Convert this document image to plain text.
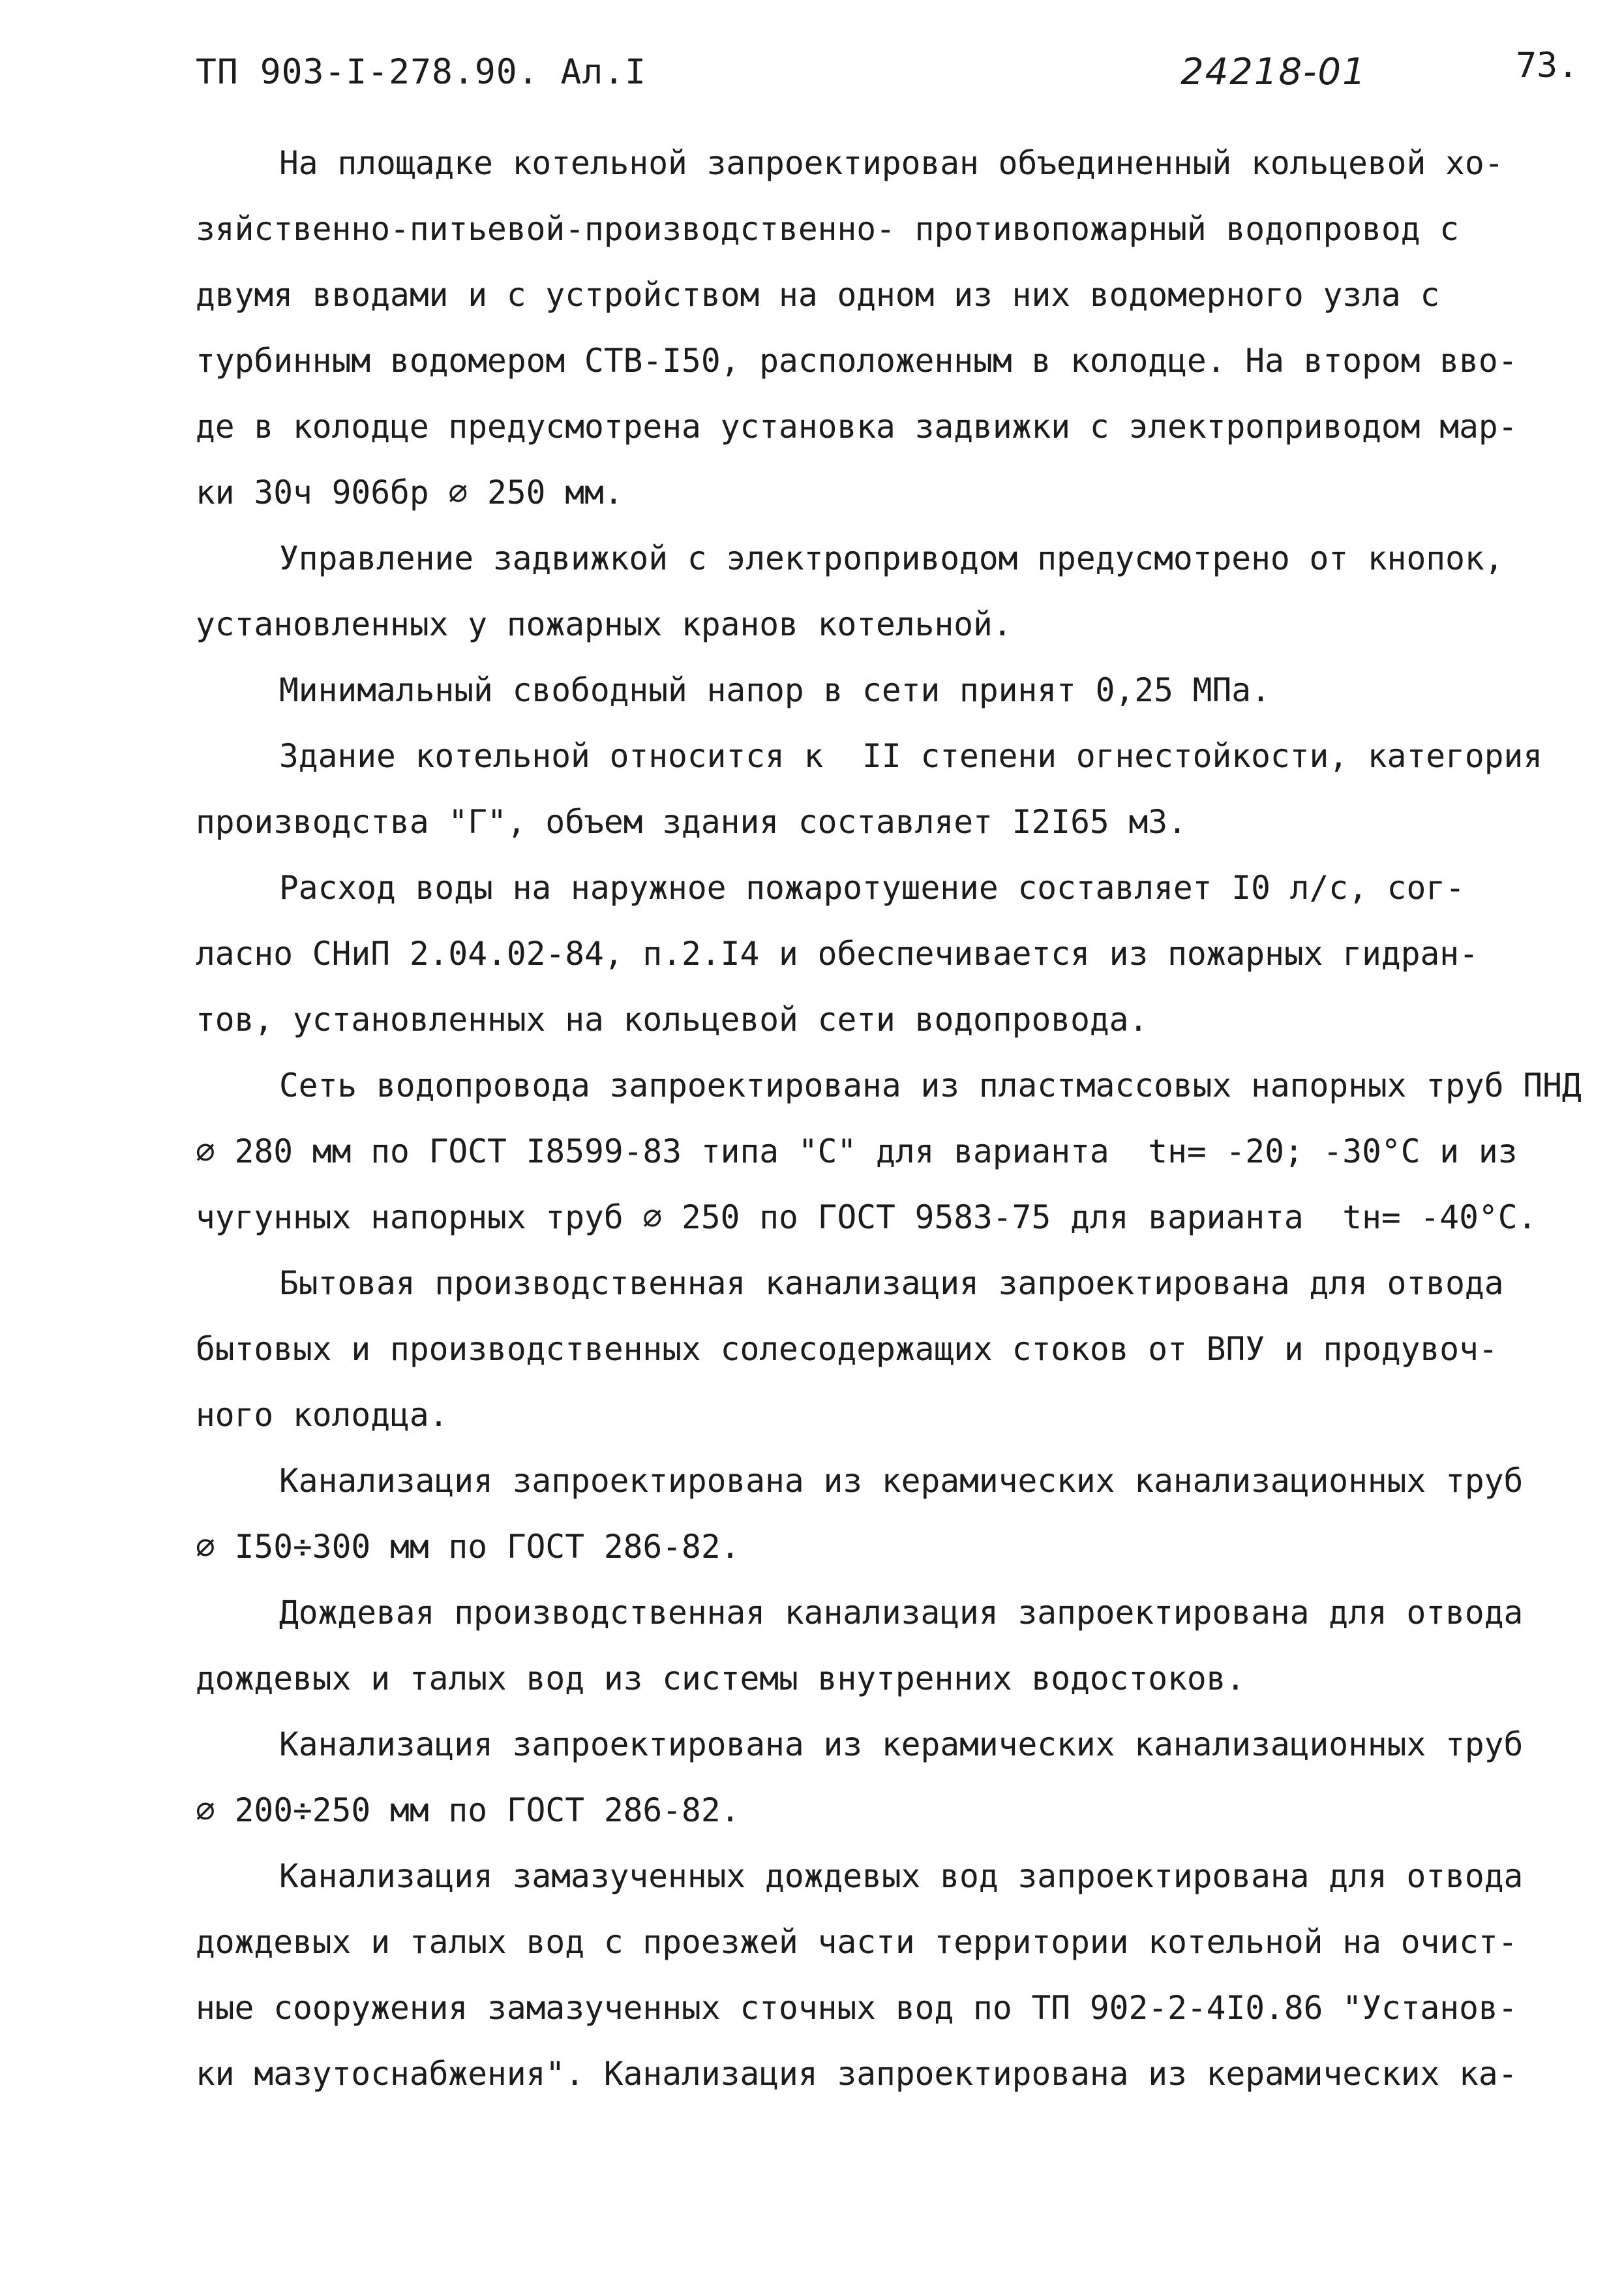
ТП 903-I-278.90. Ал.I	24218-01	73.
На площадке котельной запроектирован объединенный кольцевой хо-
зяйственно-питьевой-производственно- противопожарный водопровод с
двумя вводами и с устройством на одном из них водомерного узла с
турбинным водомером СТВ-I50, расположенным в колодце. На втором вво-
де в колодце предусмотрена установка задвижки с электроприводом мар-
ки 30ч 906бр ∅ 250 мм.
Управление задвижкой с электроприводом предусмотрено от кнопок,
установленных у пожарных кранов котельной.
Минимальный свободный напор в сети принят 0,25 МПа.
Здание котельной относится к  II степени огнестойкости, категория
производства "Г", объем здания составляет I2I65 м3.
Расход воды на наружное пожаротушение составляет I0 л/с, сог-
ласно СНиП 2.04.02-84, п.2.I4 и обеспечивается из пожарных гидран-
тов, установленных на кольцевой сети водопровода.
Сеть водопровода запроектирована из пластмассовых напорных труб ПНД
∅ 280 мм по ГОСТ I8599-83 типа "С" для варианта  tн= -20; -30°С и из
чугунных напорных труб ∅ 250 по ГОСТ 9583-75 для варианта  tн= -40°С.
Бытовая производственная канализация запроектирована для отвода
бытовых и производственных солесодержащих стоков от ВПУ и продувоч-
ного колодца.
Канализация запроектирована из керамических канализационных труб
∅ I50÷300 мм по ГОСТ 286-82.
Дождевая производственная канализация запроектирована для отвода
дождевых и талых вод из системы внутренних водостоков.
Канализация запроектирована из керамических канализационных труб
∅ 200÷250 мм по ГОСТ 286-82.
Канализация замазученных дождевых вод запроектирована для отвода
дождевых и талых вод с проезжей части территории котельной на очист-
ные сооружения замазученных сточных вод по ТП 902-2-4I0.86 "Установ-
ки мазутоснабжения". Канализация запроектирована из керамических ка-
